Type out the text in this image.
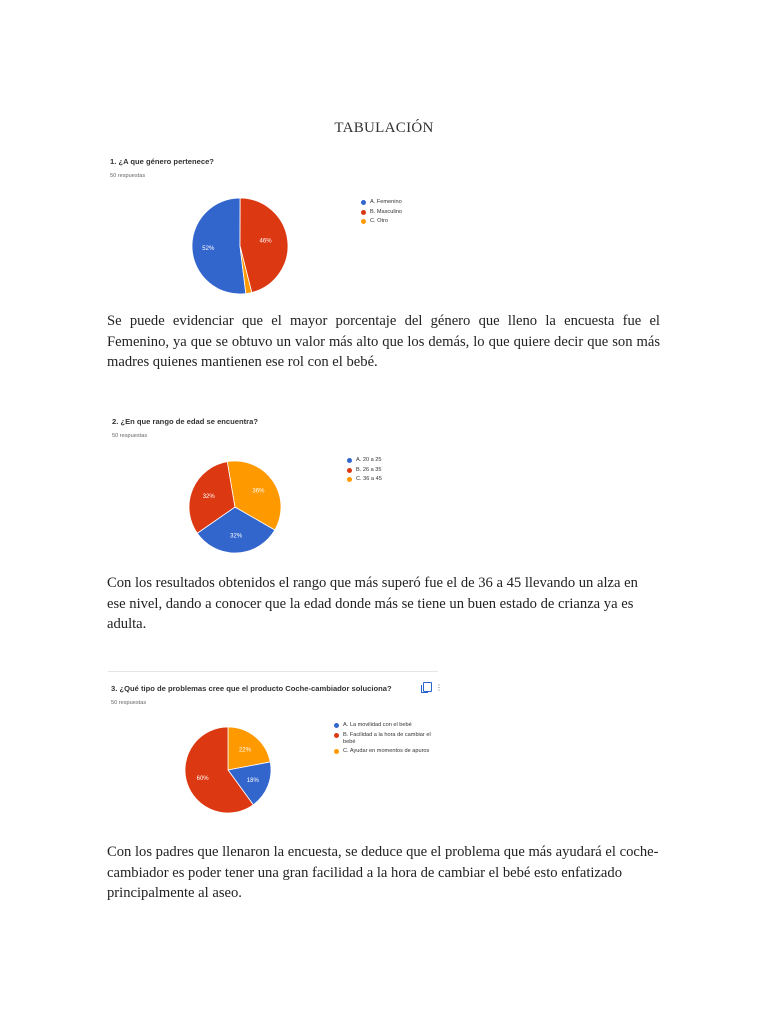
TABULACIÓN
1. ¿A que género pertenece?
50 respuestas
52%
46%
A. Femenino
B. Masculino
C. Otro
Se puede evidenciar que el mayor porcentaje del género que lleno la encuesta fue el Femenino, ya que se obtuvo un valor más alto que los demás, lo que quiere decir que son más madres quienes mantienen ese rol con el bebé.
2. ¿En que rango de edad se encuentra?
50 respuestas
32%
32%
36%
A. 20 a 25
B. 26 a 35
C. 36 a 45
Con los resultados obtenidos el rango que más superó fue el de 36 a 45 llevando un alza en ese nivel, dando a conocer que la edad donde más se tiene un buen estado de crianza ya es adulta.
3. ¿Qué tipo de problemas cree que el producto Coche-cambiador soluciona?	⋮
50 respuestas
22%
18%
60%
A. La movilidad con el bebé
B. Facilidad a la hora de cambiar el bebé
C. Ayudar en momentos de apuros
Con los padres que llenaron la encuesta, se deduce que el problema que más ayudará el coche-cambiador es poder tener una gran facilidad a la hora de cambiar el bebé esto enfatizado principalmente al aseo.
